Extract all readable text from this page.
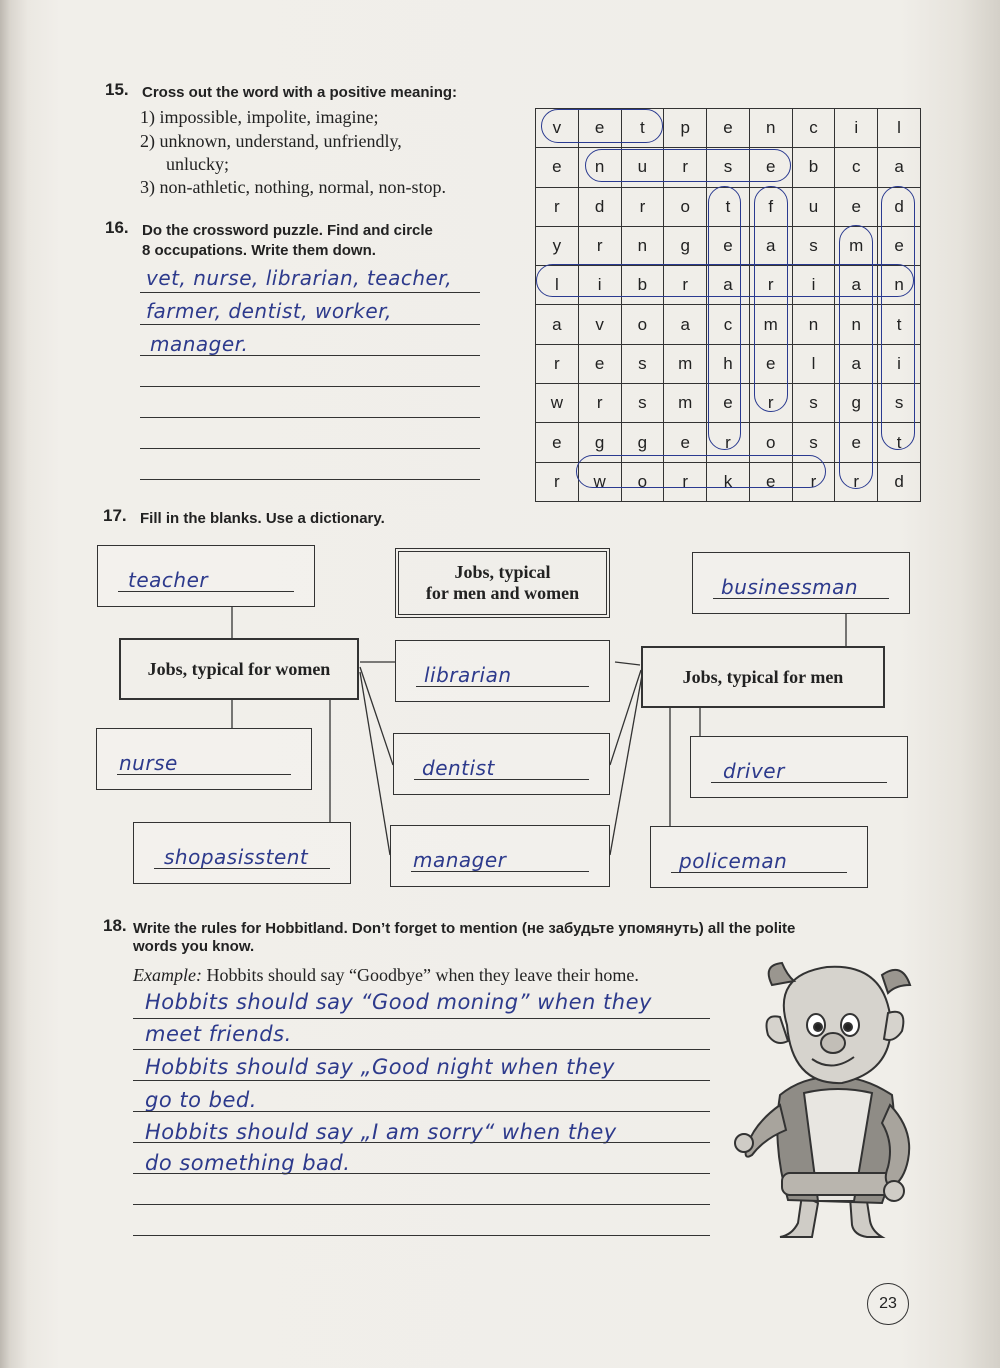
15. Cross out the word with a positive meaning:
1) impossible, impolite, imagine;
2) unknown, understand, unfriendly,
unlucky;
3) non-athletic, nothing, normal, non-stop.
16. Do the crossword puzzle. Find and circle
8 occupations. Write them down.
vet, nurse, librarian, teacher,
farmer, dentist, worker,
manager.
v	e	t	p	e	n	c	i	l
e	n	u	r	s	e	b	c	a
r	d	r	o	t	f	u	e	d
y	r	n	g	e	a	s	m	e
l	i	b	r	a	r	i	a	n
a	v	o	a	c	m	n	n	t
r	e	s	m	h	e	l	a	i
w	r	s	m	e	r	s	g	s
e	g	g	e	r	o	s	e	t
r	w	o	r	k	e	r	r	d
17. Fill in the blanks. Use a dictionary.
teacher
Jobs, typical for women
nurse
shopasisstent
Jobs, typical
for men and women
librarian
dentist
manager
businessman
Jobs, typical for men
driver
policeman
18. Write the rules for Hobbitland. Don’t forget to mention (не забудьте упомянуть) all the polite
words you know.
Example: Hobbits should say “Goodbye” when they leave their home.
Hobbits should say “Good moning” when they
meet friends.
Hobbits should say „Good night when they
go to bed.
Hobbits should say „I am sorry“ when they
do something bad.
23
